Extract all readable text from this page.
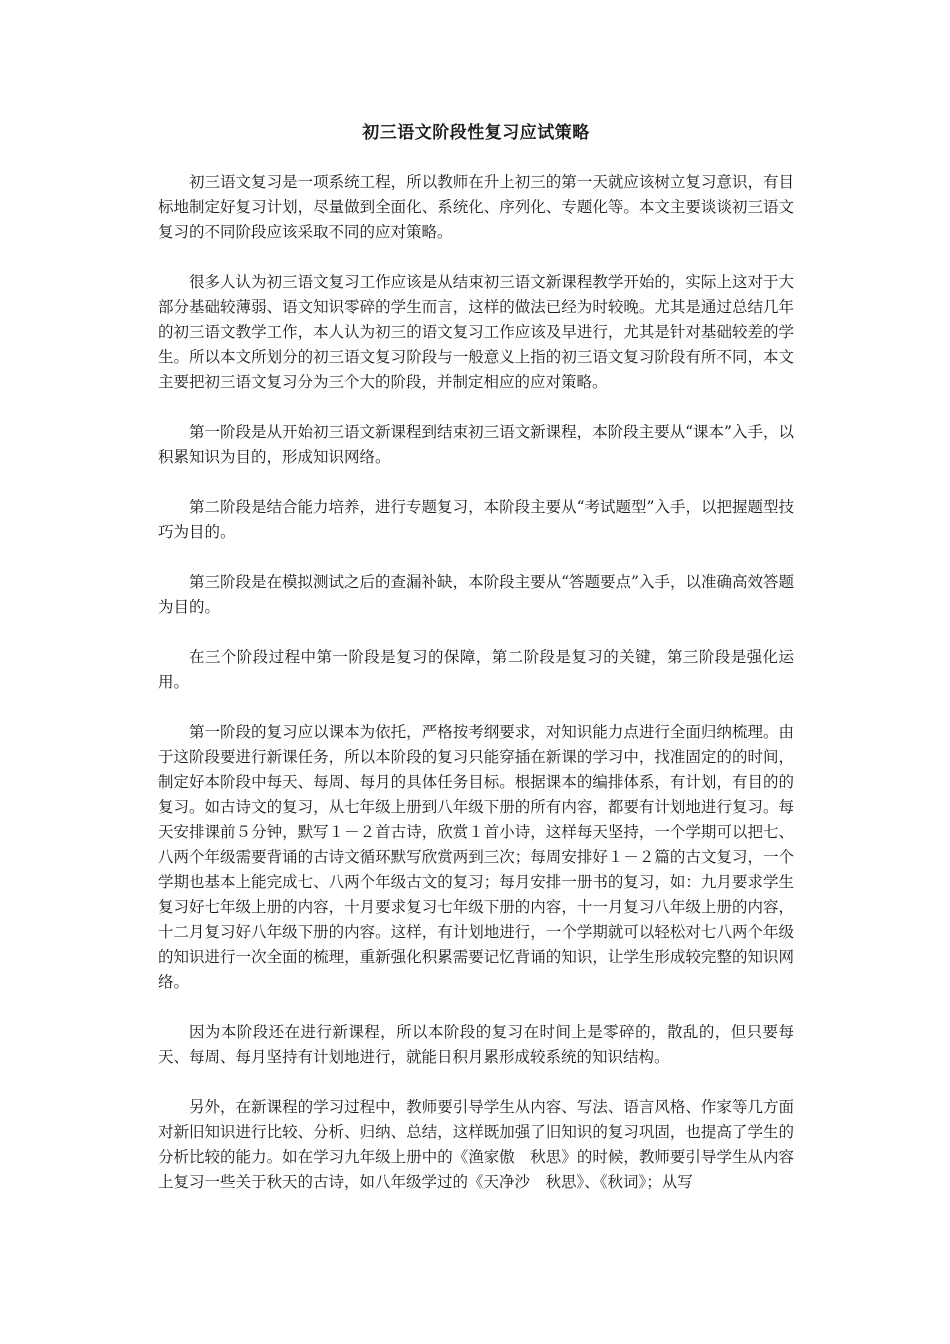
初三语文阶段性复习应试策略

初三语文复习是一项系统工程，所以教师在升上初三的第一天就应该树立复习意识，有目标地制定好复习计划，尽量做到全面化、系统化、序列化、专题化等。本文主要谈谈初三语文复习的不同阶段应该采取不同的应对策略。

很多人认为初三语文复习工作应该是从结束初三语文新课程教学开始的，实际上这对于大部分基础较薄弱、语文知识零碎的学生而言，这样的做法已经为时较晚。尤其是通过总结几年的初三语文教学工作，本人认为初三的语文复习工作应该及早进行，尤其是针对基础较差的学生。所以本文所划分的初三语文复习阶段与一般意义上指的初三语文复习阶段有所不同，本文主要把初三语文复习分为三个大的阶段，并制定相应的应对策略。

第一阶段是从开始初三语文新课程到结束初三语文新课程，本阶段主要从“课本”入手，以积累知识为目的，形成知识网络。

第二阶段是结合能力培养，进行专题复习，本阶段主要从“考试题型”入手，以把握题型技巧为目的。

第三阶段是在模拟测试之后的查漏补缺，本阶段主要从“答题要点”入手，以准确高效答题为目的。

在三个阶段过程中第一阶段是复习的保障，第二阶段是复习的关键，第三阶段是强化运用。

第一阶段的复习应以课本为依托，严格按考纲要求，对知识能力点进行全面归纳梳理。由于这阶段要进行新课任务，所以本阶段的复习只能穿插在新课的学习中，找准固定的的时间，制定好本阶段中每天、每周、每月的具体任务目标。根据课本的编排体系，有计划，有目的的复习。如古诗文的复习，从七年级上册到八年级下册的所有内容，都要有计划地进行复习。每天安排课前５分钟，默写１－２首古诗，欣赏１首小诗，这样每天坚持，一个学期可以把七、八两个年级需要背诵的古诗文循环默写欣赏两到三次；每周安排好１－２篇的古文复习，一个学期也基本上能完成七、八两个年级古文的复习；每月安排一册书的复习，如：九月要求学生复习好七年级上册的内容，十月要求复习七年级下册的内容，十一月复习八年级上册的内容，十二月复习好八年级下册的内容。这样，有计划地进行，一个学期就可以轻松对七八两个年级的知识进行一次全面的梳理，重新强化积累需要记忆背诵的知识，让学生形成较完整的知识网络。

因为本阶段还在进行新课程，所以本阶段的复习在时间上是零碎的，散乱的，但只要每天、每周、每月坚持有计划地进行，就能日积月累形成较系统的知识结构。

另外，在新课程的学习过程中，教师要引导学生从内容、写法、语言风格、作家等几方面对新旧知识进行比较、分析、归纳、总结，这样既加强了旧知识的复习巩固，也提高了学生的分析比较的能力。如在学习九年级上册中的《渔家傲　秋思》的时候，教师要引导学生从内容上复习一些关于秋天的古诗，如八年级学过的《天净沙　秋思》、《秋词》；从写
